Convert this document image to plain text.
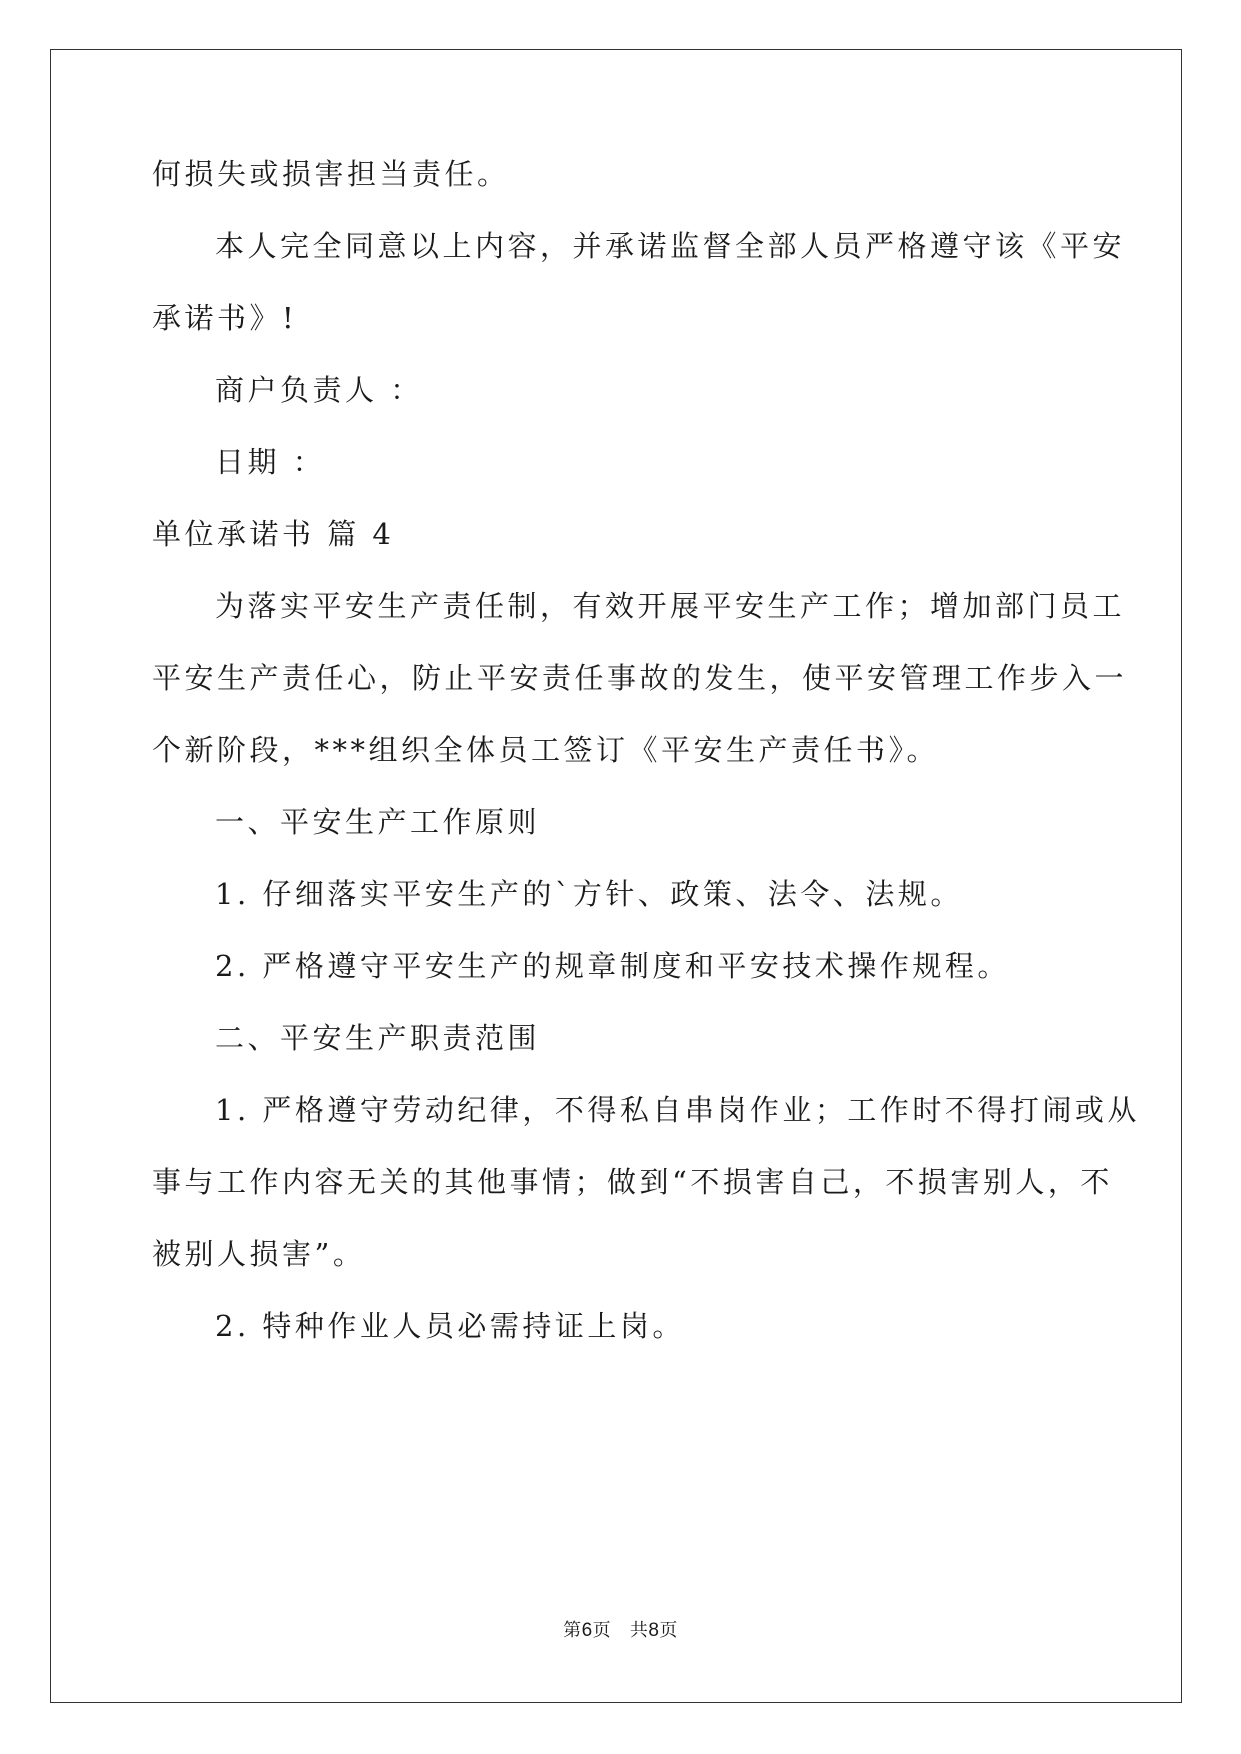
何损失或损害担当责任。
本人完全同意以上内容，并承诺监督全部人员严格遵守该《平安
承诺书》!
商户负责人 ：
日期 ：
单位承诺书 篇 4
为落实平安生产责任制，有效开展平安生产工作；增加部门员工
平安生产责任心，防止平安责任事故的发生，使平安管理工作步入一
个新阶段，***组织全体员工签订《平安生产责任书》。
一、平安生产工作原则
1. 仔细落实平安生产的`方针、政策、法令、法规。
2. 严格遵守平安生产的规章制度和平安技术操作规程。
二、平安生产职责范围
1. 严格遵守劳动纪律，不得私自串岗作业；工作时不得打闹或从
事与工作内容无关的其他事情；做到“不损害自己，不损害别人，不
被别人损害”。
2. 特种作业人员必需持证上岗。
第6页 共8页
